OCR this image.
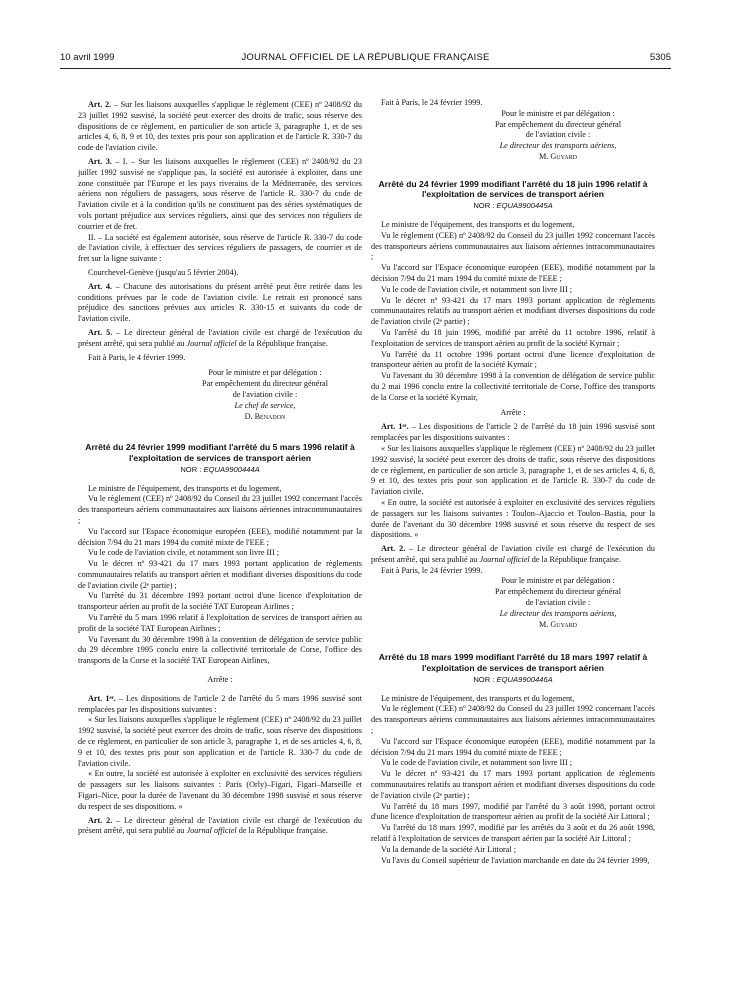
10 avril 1999	JOURNAL OFFICIEL DE LA RÉPUBLIQUE FRANÇAISE	5305

Art. 2. – Sur les liaisons auxquelles s'applique le règlement (CEE) nº 2408/92 du 23 juillet 1992 susvisé, la société peut exercer des droits de trafic, sous réserve des dispositions de ce règlement, en particulier de son article 3, paragraphe 1, et de ses articles 4, 6, 8, 9 et 10, des textes pris pour son application et de l'article R. 330-7 du code de l'aviation civile.

Art. 3. – I. – Sur les liaisons auxquelles le règlement (CEE) nº 2408/92 du 23 juillet 1992 susvisé ne s'applique pas, la société est autorisée à exploiter, dans une zone constituée par l'Europe et les pays riverains de la Méditerranée, des services aériens non réguliers de passagers, sous réserve de l'article R. 330-7 du code de l'aviation civile et à la condition qu'ils ne constituent pas des séries systématiques de vols portant préjudice aux services réguliers, ainsi que des services non réguliers de courrier et de fret.

II. – La société est également autorisée, sous réserve de l'article R. 330-7 du code de l'aviation civile, à effectuer des services réguliers de passagers, de courrier et de fret sur la ligne suivante :

Courchevel-Genève (jusqu'au 5 février 2004).

Art. 4. – Chacune des autorisations du présent arrêté peut être retirée dans les conditions prévues par le code de l'aviation civile. Le retrait est prononcé sans préjudice des sanctions prévues aux articles R. 330-15 et suivants du code de l'aviation civile.

Art. 5. – Le directeur général de l'aviation civile est chargé de l'exécution du présent arrêté, qui sera publié au Journal officiel de la République française.

Fait à Paris, le 4 février 1999.

Pour le ministre et par délégation :

Par empêchement du directeur général

de l'aviation civile :

Le chef de service,

D. Bénadon

Arrêté du 24 février 1999 modifiant l'arrêté du 5 mars 1996 relatif à l'exploitation de services de transport aérien

NOR : EQUA9900444A

Le ministre de l'équipement, des transports et du logement,

Vu le règlement (CEE) nº 2408/92 du Conseil du 23 juillet 1992 concernant l'accès des transporteurs aériens communautaires aux liaisons aériennes intracommunautaires ;

Vu l'accord sur l'Espace économique européen (EEE), modifié notamment par la décision 7/94 du 21 mars 1994 du comité mixte de l'EEE ;

Vu le code de l'aviation civile, et notamment son livre III ;

Vu le décret nº 93-421 du 17 mars 1993 portant application de règlements communautaires relatifs au transport aérien et modifiant diverses dispositions du code de l'aviation civile (2ᵉ partie) ;

Vu l'arrêté du 31 décembre 1993 portant octroi d'une licence d'exploitation de transporteur aérien au profit de la société TAT European Airlines ;

Vu l'arrêté du 5 mars 1996 relatif à l'exploitation de services de transport aérien au profit de la société TAT European Airlines ;

Vu l'avenant du 30 décembre 1998 à la convention de délégation de service public du 29 décembre 1995 conclu entre la collectivité territoriale de Corse, l'office des transports de la Corse et la société TAT European Airlines,

Arrête :

Art. 1ᵉʳ. – Les dispositions de l'article 2 de l'arrêté du 5 mars 1996 susvisé sont remplacées par les dispositions suivantes :

« Sur les liaisons auxquelles s'applique le règlement (CEE) nº 2408/92 du 23 juillet 1992 susvisé, la société peut exercer des droits de trafic, sous réserve des dispositions de ce règlement, en particulier de son article 3, paragraphe 1, et de ses articles 4, 6, 8, 9 et 10, des textes pris pour son application et de l'article R. 330-7 du code de l'aviation civile.

« En outre, la société est autorisée à exploiter en exclusivité des services réguliers de passagers sur les liaisons suivantes : Paris (Orly)–Figari, Figari–Marseille et Figari–Nice, pour la durée de l'avenant du 30 décembre 1998 susvisé et sous réserve du respect de ses dispositions. »

Art. 2. – Le directeur général de l'aviation civile est chargé de l'exécution du présent arrêté, qui sera publié au Journal officiel de la République française.

Fait à Paris, le 24 février 1999.

Pour le ministre et par délégation :

Par empêchement du directeur général

de l'aviation civile :

Le directeur des transports aériens,

M. Guyard

Arrêté du 24 février 1999 modifiant l'arrêté du 18 juin 1996 relatif à l'exploitation de services de transport aérien

NOR : EQUA9900445A

Le ministre de l'équipement, des transports et du logement,

Vu le règlement (CEE) nº 2408/92 du Conseil du 23 juillet 1992 concernant l'accès des transporteurs aériens communautaires aux liaisons aériennes intracommunautaires ;

Vu l'accord sur l'Espace économique européen (EEE), modifié notamment par la décision 7/94 du 21 mars 1994 du comité mixte de l'EEE ;

Vu le code de l'aviation civile, et notamment son livre III ;

Vu le décret nº 93-421 du 17 mars 1993 portant application de règlements communautaires relatifs au transport aérien et modifiant diverses dispositions du code de l'aviation civile (2ᵉ partie) ;

Vu l'arrêté du 18 juin 1996, modifié par arrêté du 11 octobre 1996, relatif à l'exploitation de services de transport aérien au profit de la société Kyrnair ;

Vu l'arrêté du 11 octobre 1996 portant octroi d'une licence d'exploitation de transporteur aérien au profit de la société Kyrnair ;

Vu l'avenant du 30 décembre 1998 à la convention de délégation de service public du 2 mai 1996 conclu entre la collectivité territoriale de Corse, l'office des transports de la Corse et la société Kyrnair,

Arrête :

Art. 1ᵉʳ. – Les dispositions de l'article 2 de l'arrêté du 18 juin 1996 susvisé sont remplacées par les dispositions suivantes :

« Sur les liaisons auxquelles s'applique le règlement (CEE) nº 2408/92 du 23 juillet 1992 susvisé, la société peut exercer des droits de trafic, sous réserve des dispositions de ce règlement, en particulier de son article 3, paragraphe 1, et de ses articles 4, 6, 8, 9 et 10, des textes pris pour son application et de l'article R. 330-7 du code de l'aviation civile.

« En outre, la société est autorisée à exploiter en exclusivité des services réguliers de passagers sur les liaisons suivantes : Toulon–Ajaccio et Toulon–Bastia, pour la durée de l'avenant du 30 décembre 1998 susvisé et sous réserve du respect de ses dispositions. »

Art. 2. – Le directeur général de l'aviation civile est chargé de l'exécution du présent arrêté, qui sera publié au Journal officiel de la République française.

Fait à Paris, le 24 février 1999.

Pour le ministre et par délégation :

Par empêchement du directeur général

de l'aviation civile :

Le directeur des transports aériens,

M. Guyard

Arrêté du 18 mars 1999 modifiant l'arrêté du 18 mars 1997 relatif à l'exploitation de services de transport aérien

NOR : EQUA9900446A

Le ministre de l'équipement, des transports et du logement,

Vu le règlement (CEE) nº 2408/92 du Conseil du 23 juillet 1992 concernant l'accès des transporteurs aériens communautaires aux liaisons aériennes intracommunautaires ;

Vu l'accord sur l'Espace économique européen (EEE), modifié notamment par la décision 7/94 du 21 mars 1994 du comité mixte de l'EEE ;

Vu le code de l'aviation civile, et notamment son livre III ;

Vu le décret nº 93-421 du 17 mars 1993 portant application de règlements communautaires relatifs au transport aérien et modifiant diverses dispositions du code de l'aviation civile (2ᵉ partie) ;

Vu l'arrêté du 18 mars 1997, modifié par l'arrêté du 3 août 1998, portant octroi d'une licence d'exploitation de transporteur aérien au profit de la société Air Littoral ;

Vu l'arrêté du 18 mars 1997, modifié par les arrêtés du 3 août et du 26 août 1998, relatif à l'exploitation de services de transport aérien par la société Air Littoral ;

Vu la demande de la société Air Littoral ;

Vu l'avis du Conseil supérieur de l'aviation marchande en date du 24 février 1999,
